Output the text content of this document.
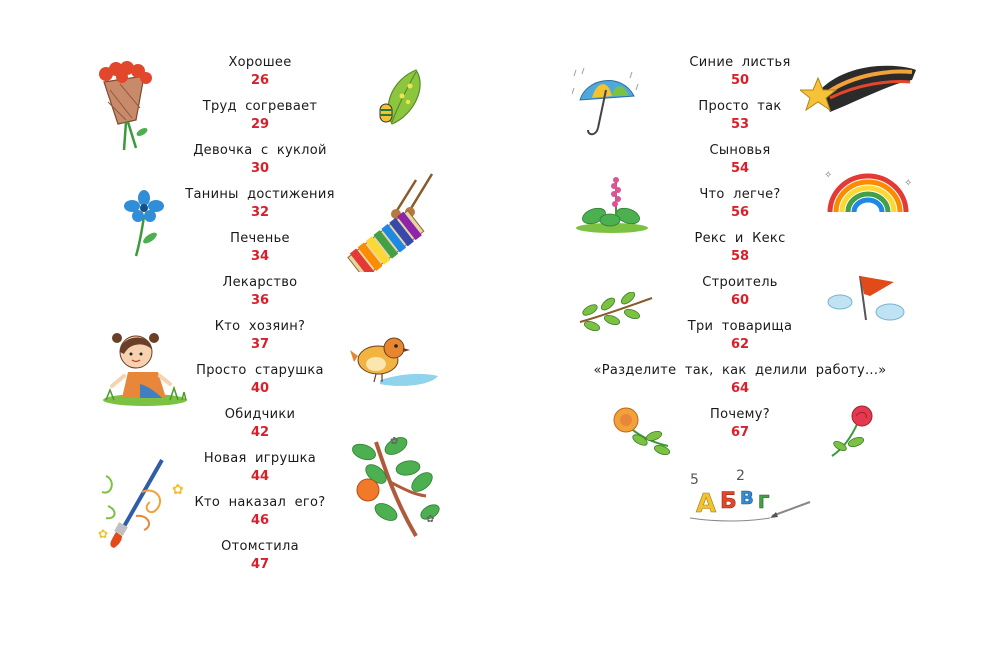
Хорошее
26
Труд согревает
29
Девочка с куклой
30
Танины достижения
32
Печенье
34
Лекарство
36
Кто хозяин?
37
Просто старушка
40
Обидчики
42
Новая игрушка
44
Кто наказал его?
46
Отомстила
47
Синие листья
50
Просто так
53
Сыновья
54
Что легче?
56
Рекс и Кекс
58
Строитель
60
Три товарища
62
«Разделите так, как делили работу...»
64
Почему?
67
✿
✿
✿
✿
✧
✧
5	2
А Б В Г
